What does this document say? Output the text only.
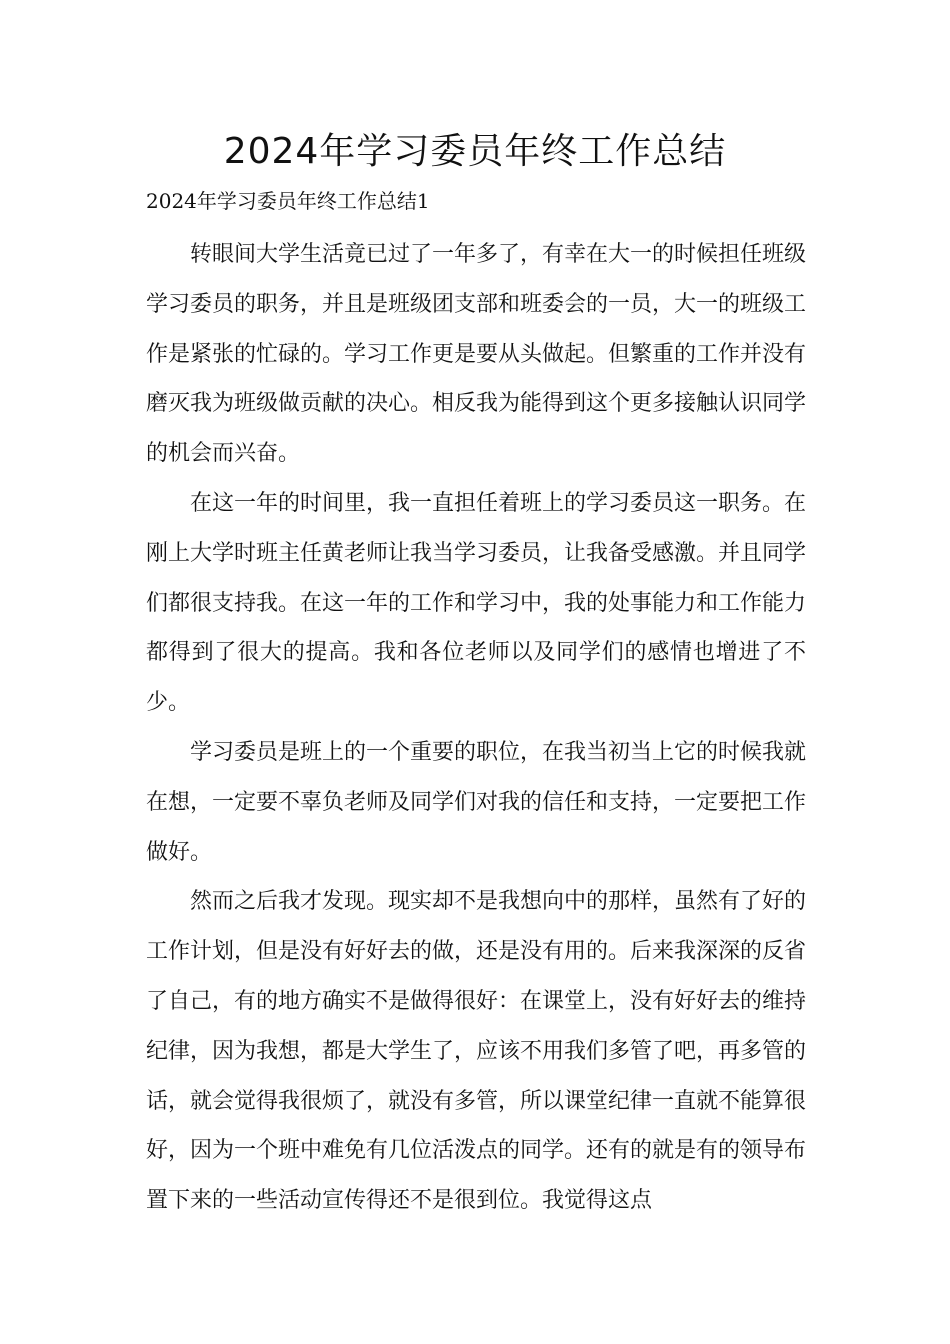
2024年学习委员年终工作总结

2024年学习委员年终工作总结1

转眼间大学生活竟已过了一年多了，有幸在大一的时候担任班级学习委员的职务，并且是班级团支部和班委会的一员，大一的班级工作是紧张的忙碌的。学习工作更是要从头做起。但繁重的工作并没有磨灭我为班级做贡献的决心。相反我为能得到这个更多接触认识同学的机会而兴奋。

在这一年的时间里，我一直担任着班上的学习委员这一职务。在刚上大学时班主任黄老师让我当学习委员，让我备受感激。并且同学们都很支持我。在这一年的工作和学习中，我的处事能力和工作能力都得到了很大的提高。我和各位老师以及同学们的感情也增进了不少。

学习委员是班上的一个重要的职位，在我当初当上它的时候我就在想，一定要不辜负老师及同学们对我的信任和支持，一定要把工作做好。

然而之后我才发现。现实却不是我想向中的那样，虽然有了好的工作计划，但是没有好好去的做，还是没有用的。后来我深深的反省了自己，有的地方确实不是做得很好：在课堂上，没有好好去的维持纪律，因为我想，都是大学生了，应该不用我们多管了吧，再多管的话，就会觉得我很烦了，就没有多管，所以课堂纪律一直就不能算很好，因为一个班中难免有几位活泼点的同学。还有的就是有的领导布置下来的一些活动宣传得还不是很到位。我觉得这点
